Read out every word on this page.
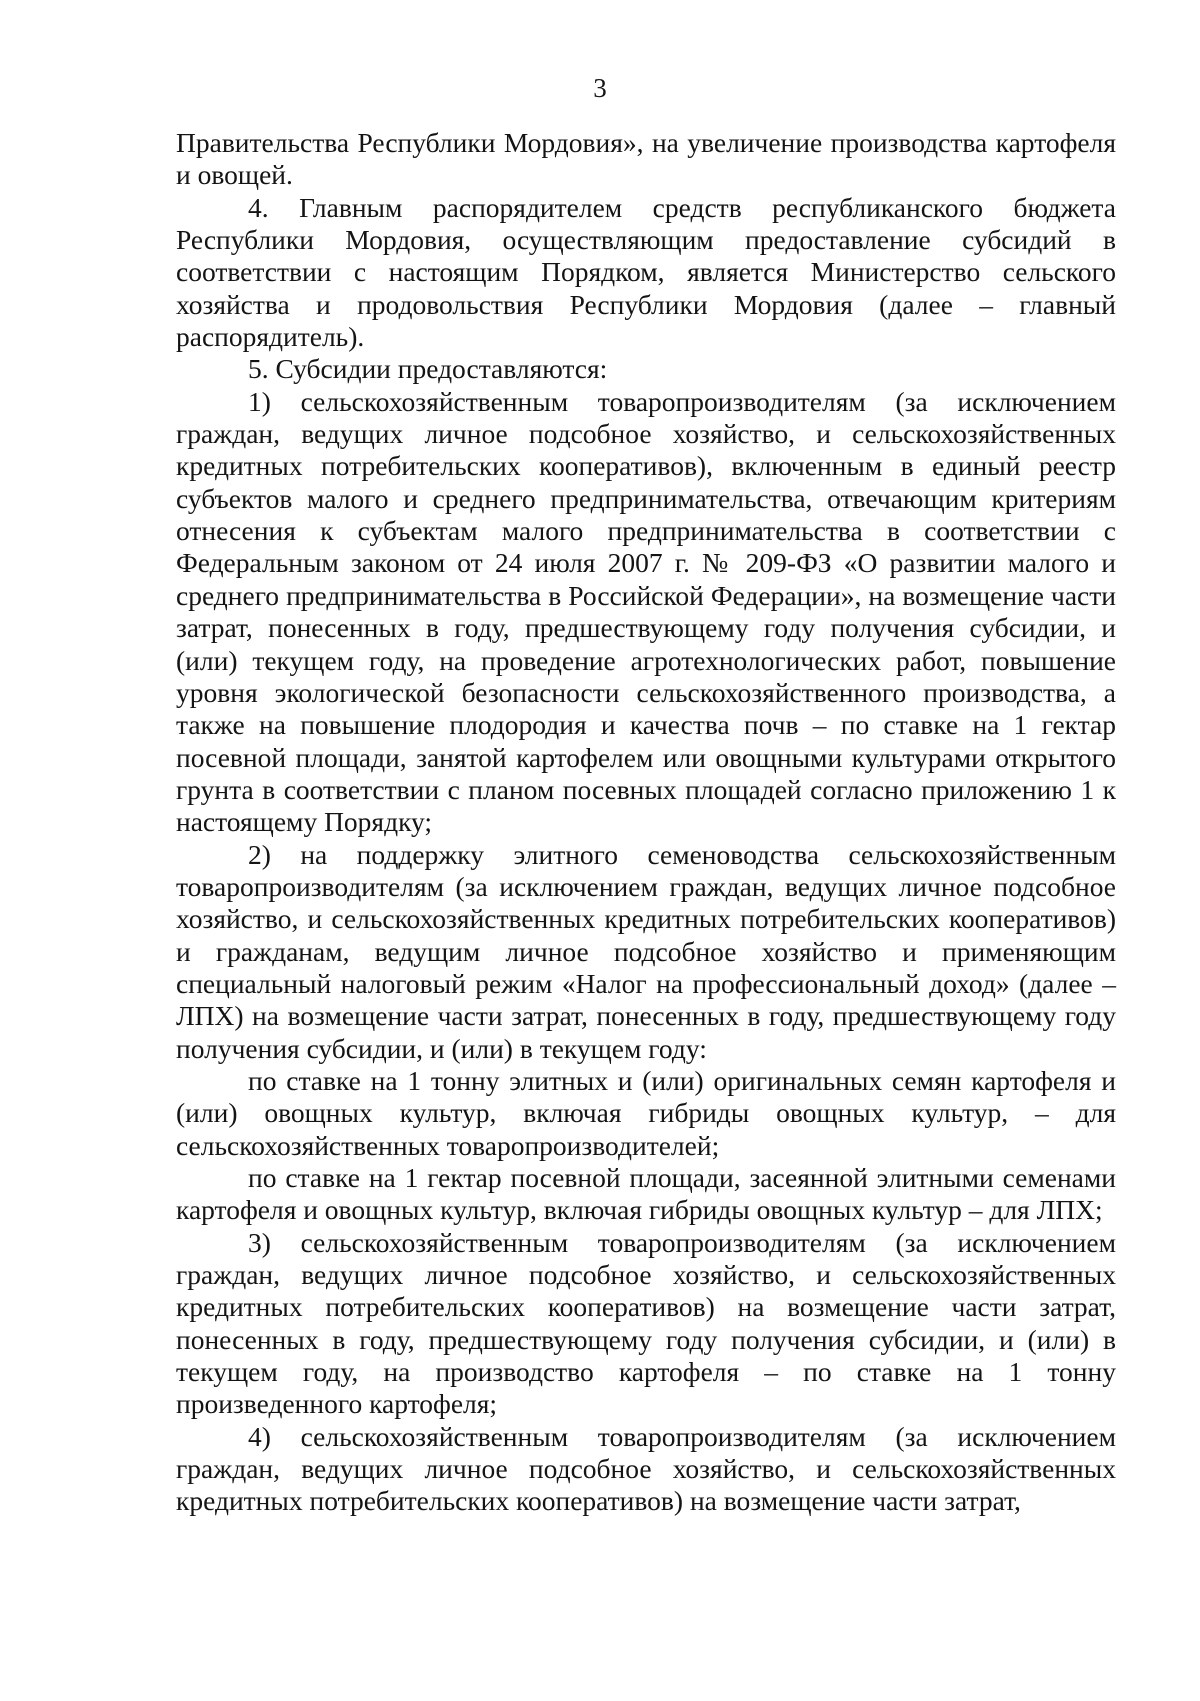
3

Правительства Республики Мордовия», на увеличение производства картофеля и овощей.

4. Главным распорядителем средств республиканского бюджета Республики Мордовия, осуществляющим предоставление субсидий в соответствии с настоящим Порядком, является Министерство сельского хозяйства и продовольствия Республики Мордовия (далее – главный распорядитель).

5. Субсидии предоставляются:

1) сельскохозяйственным товаропроизводителям (за исключением граждан, ведущих личное подсобное хозяйство, и сельскохозяйственных кредитных потребительских кооперативов), включенным в единый реестр субъектов малого и среднего предпринимательства, отвечающим критериям отнесения к субъектам малого предпринимательства в соответствии с Федеральным законом от 24 июля 2007 г. № 209-ФЗ «О развитии малого и среднего предпринимательства в Российской Федерации», на возмещение части затрат, понесенных в году, предшествующему году получения субсидии, и (или) текущем году, на проведение агротехнологических работ, повышение уровня экологической безопасности сельскохозяйственного производства, а также на повышение плодородия и качества почв – по ставке на 1 гектар посевной площади, занятой картофелем или овощными культурами открытого грунта в соответствии с планом посевных площадей согласно приложению 1 к настоящему Порядку;

2) на поддержку элитного семеноводства сельскохозяйственным товаропроизводителям (за исключением граждан, ведущих личное подсобное хозяйство, и сельскохозяйственных кредитных потребительских кооперативов) и гражданам, ведущим личное подсобное хозяйство и применяющим специальный налоговый режим «Налог на профессиональный доход» (далее – ЛПХ) на возмещение части затрат, понесенных в году, предшествующему году получения субсидии, и (или) в текущем году:

по ставке на 1 тонну элитных и (или) оригинальных семян картофеля и (или) овощных культур, включая гибриды овощных культур, – для сельскохозяйственных товаропроизводителей;

по ставке на 1 гектар посевной площади, засеянной элитными семенами картофеля и овощных культур, включая гибриды овощных культур – для ЛПХ;

3) сельскохозяйственным товаропроизводителям (за исключением граждан, ведущих личное подсобное хозяйство, и сельскохозяйственных кредитных потребительских кооперативов) на возмещение части затрат, понесенных в году, предшествующему году получения субсидии, и (или) в текущем году, на производство картофеля – по ставке на 1 тонну произведенного картофеля;

4) сельскохозяйственным товаропроизводителям (за исключением граждан, ведущих личное подсобное хозяйство, и сельскохозяйственных кредитных потребительских кооперативов) на возмещение части затрат,
